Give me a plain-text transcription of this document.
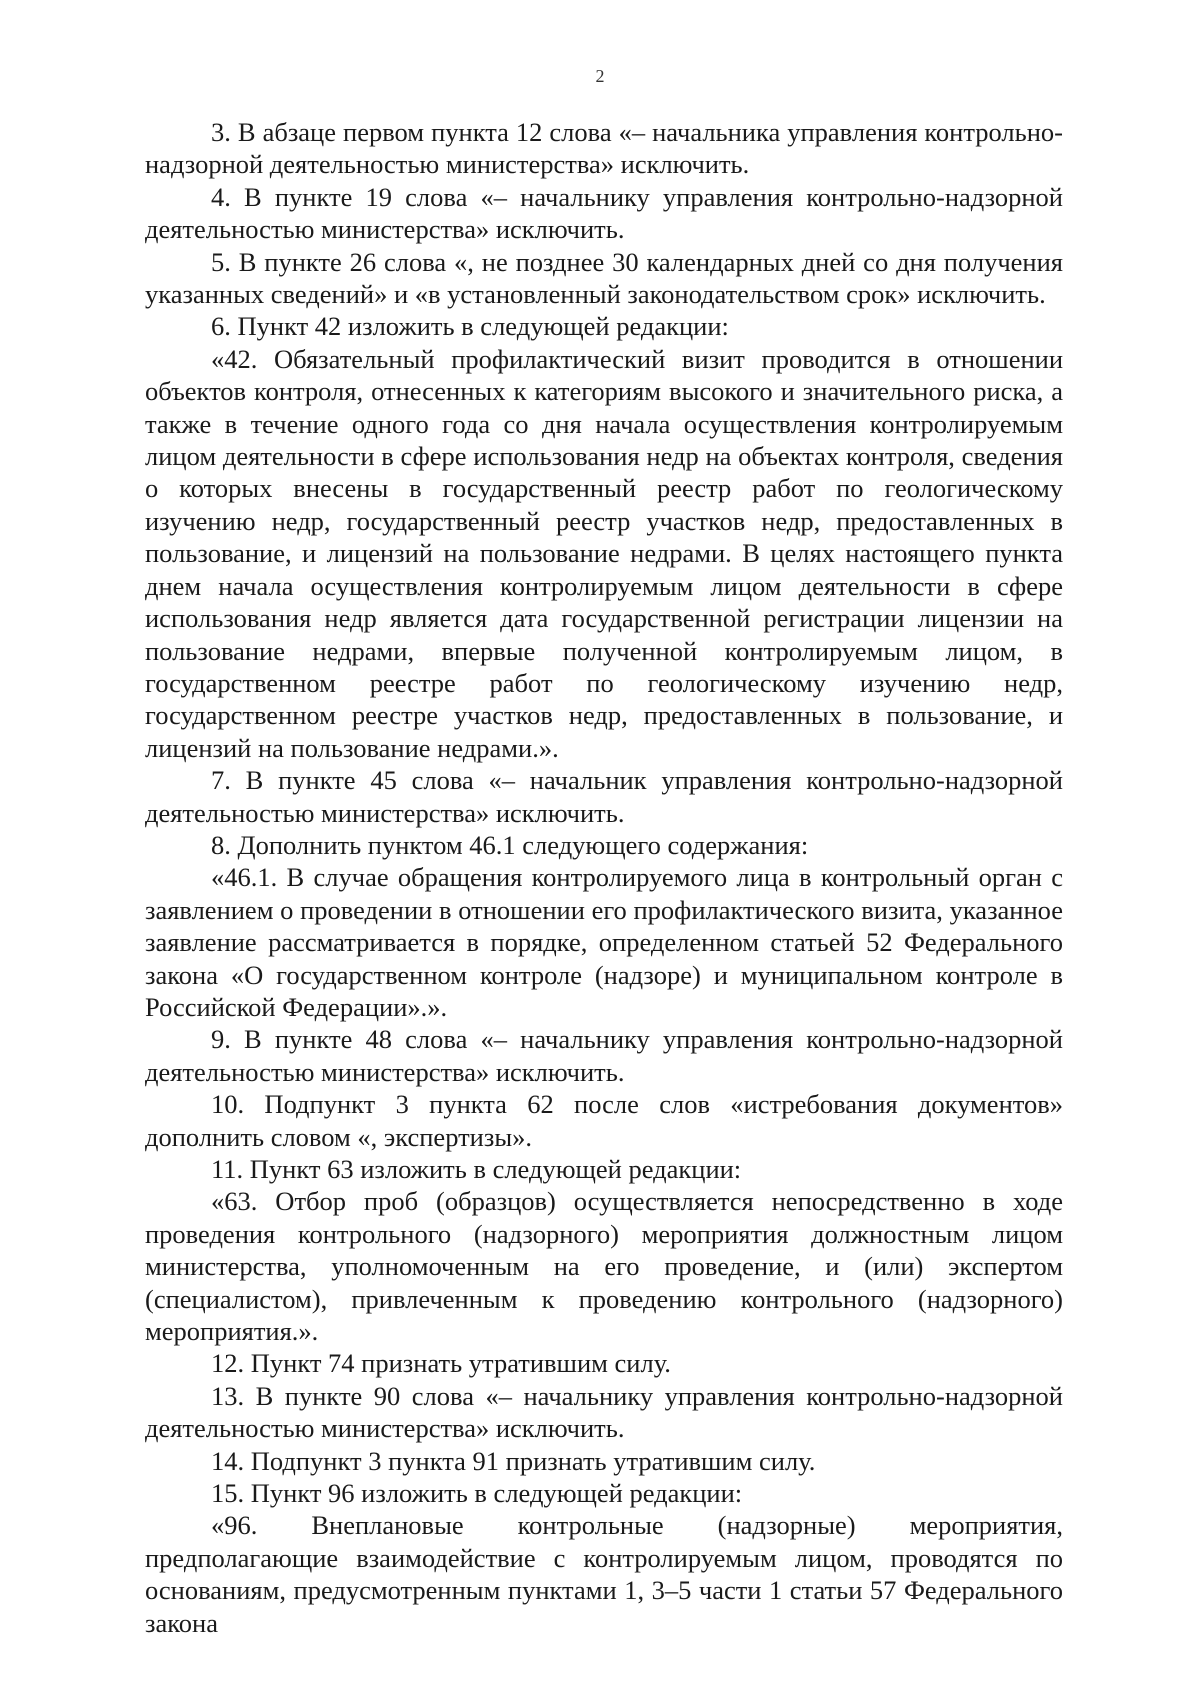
2

3. В абзаце первом пункта 12 слова «– начальника управления контрольно-надзорной деятельностью министерства» исключить.

4. В пункте 19 слова «– начальнику управления контрольно-надзорной деятельностью министерства» исключить.

5. В пункте 26 слова «, не позднее 30 календарных дней со дня получения указанных сведений» и «в установленный законодательством срок» исключить.

6. Пункт 42 изложить в следующей редакции:

«42. Обязательный профилактический визит проводится в отношении объектов контроля, отнесенных к категориям высокого и значительного риска, а также в течение одного года со дня начала осуществления контролируемым лицом деятельности в сфере использования недр на объектах контроля, сведения о которых внесены в государственный реестр работ по геологическому изучению недр, государственный реестр участков недр, предоставленных в пользование, и лицензий на пользование недрами. В целях настоящего пункта днем начала осуществления контролируемым лицом деятельности в сфере использования недр является дата государственной регистрации лицензии на пользование недрами, впервые полученной контролируемым лицом, в государственном реестре работ по геологическому изучению недр, государственном реестре участков недр, предоставленных в пользование, и лицензий на пользование недрами.».

7. В пункте 45 слова «– начальник управления контрольно-надзорной деятельностью министерства» исключить.

8. Дополнить пунктом 46.1 следующего содержания:

«46.1. В случае обращения контролируемого лица в контрольный орган с заявлением о проведении в отношении его профилактического визита, указанное заявление рассматривается в порядке, определенном статьей 52 Федерального закона «О государственном контроле (надзоре) и муниципальном контроле в Российской Федерации».».

9. В пункте 48 слова «– начальнику управления контрольно-надзорной деятельностью министерства» исключить.

10. Подпункт 3 пункта 62 после слов «истребования документов» дополнить словом «, экспертизы».

11. Пункт 63 изложить в следующей редакции:

«63. Отбор проб (образцов) осуществляется непосредственно в ходе проведения контрольного (надзорного) мероприятия должностным лицом министерства, уполномоченным на его проведение, и (или) экспертом (специалистом), привлеченным к проведению контрольного (надзорного) мероприятия.».

12. Пункт 74 признать утратившим силу.

13. В пункте 90 слова «– начальнику управления контрольно-надзорной деятельностью министерства» исключить.

14. Подпункт 3 пункта 91 признать утратившим силу.

15. Пункт 96 изложить в следующей редакции:

«96. Внеплановые контрольные (надзорные) мероприятия, предполагающие взаимодействие с контролируемым лицом, проводятся по основаниям, предусмотренным пунктами 1, 3–5 части 1 статьи 57 Федерального закона
